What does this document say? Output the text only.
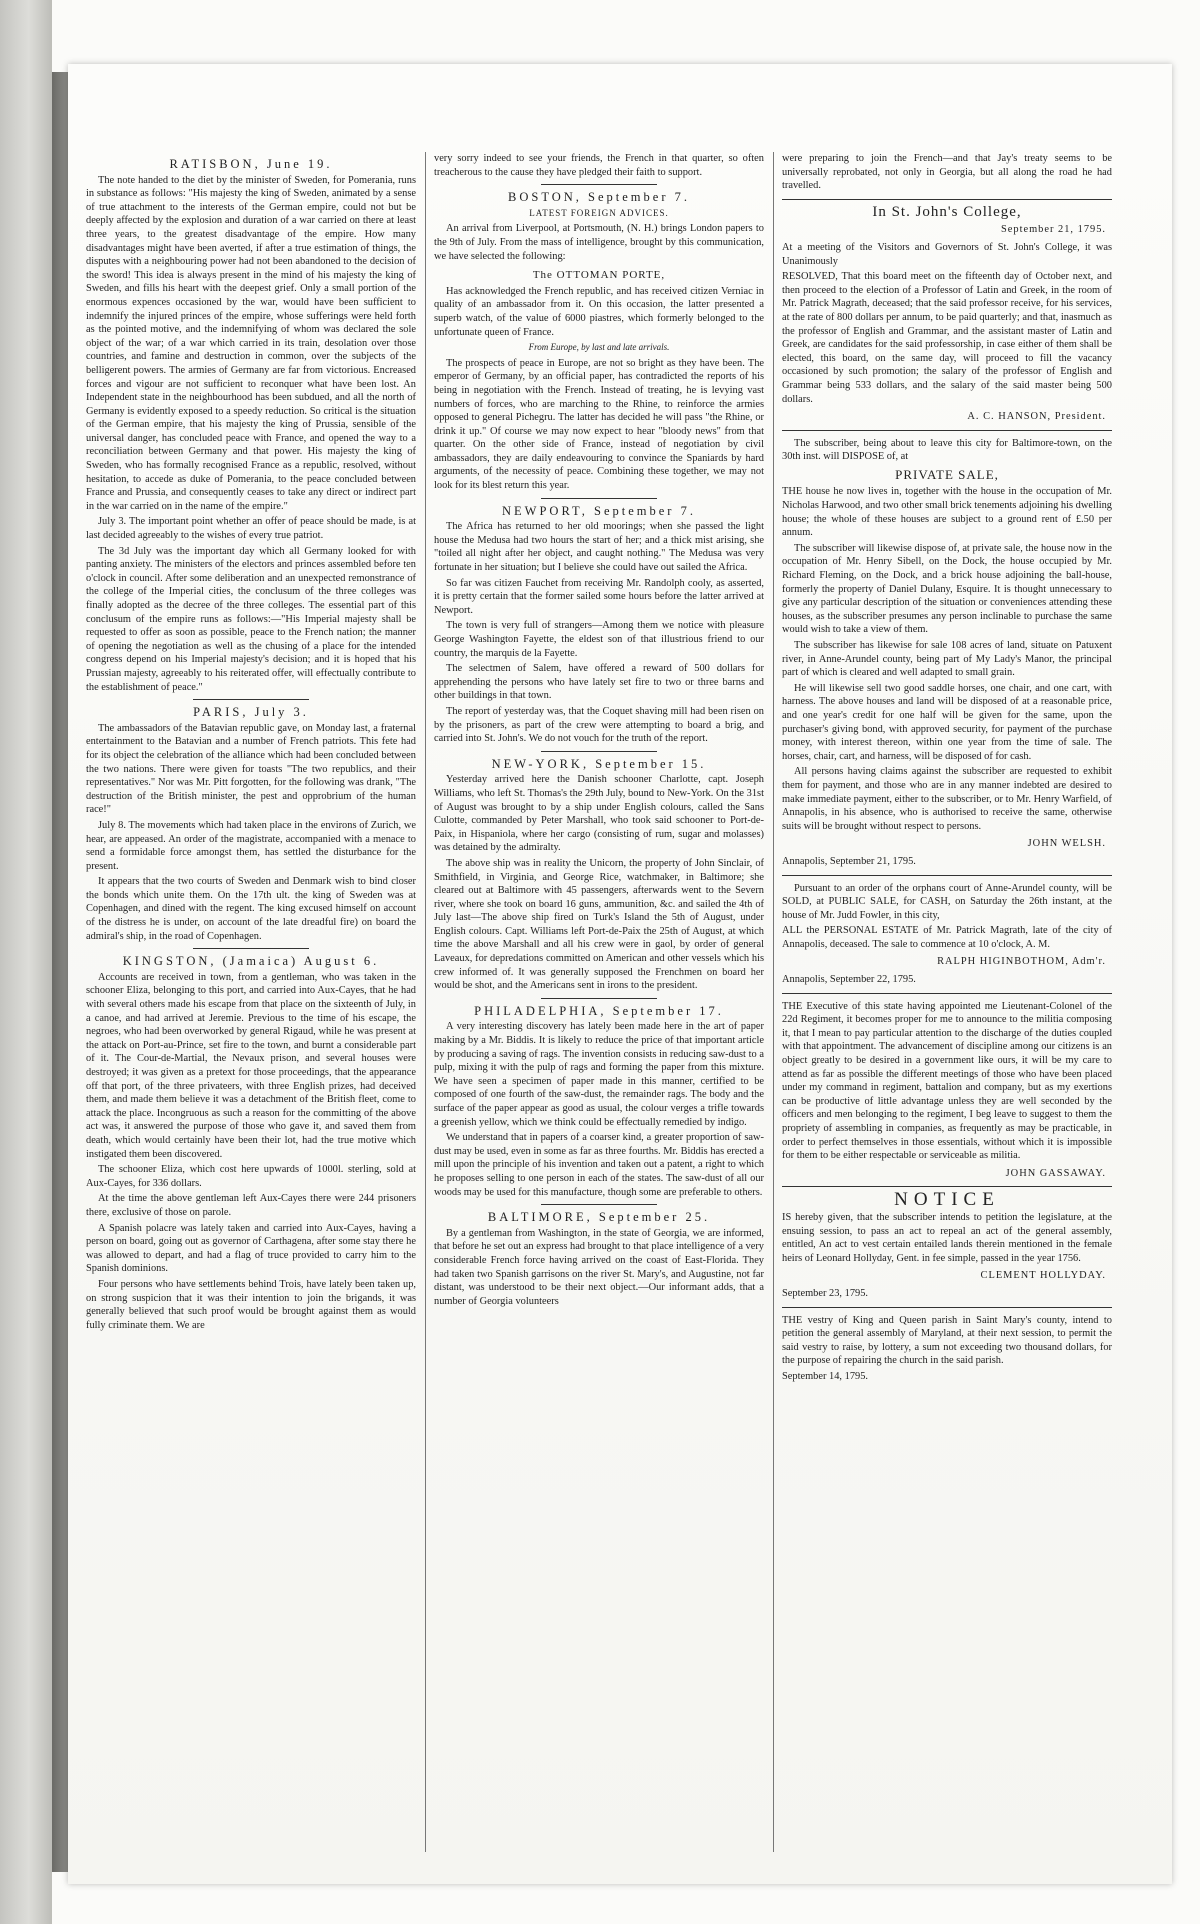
RATISBON, June 19.

The note handed to the diet by the minister of Sweden, for Pomerania, runs in substance as follows: "His majesty the king of Sweden, animated by a sense of true attachment to the interests of the German empire, could not but be deeply affected by the explosion and duration of a war carried on there at least three years, to the greatest disadvantage of the empire. How many disadvantages might have been averted, if after a true estimation of things, the disputes with a neighbouring power had not been abandoned to the decision of the sword! This idea is always present in the mind of his majesty the king of Sweden, and fills his heart with the deepest grief. Only a small portion of the enormous expences occasioned by the war, would have been sufficient to indemnify the injured princes of the empire, whose sufferings were held forth as the pointed motive, and the indemnifying of whom was declared the sole object of the war; of a war which carried in its train, desolation over those countries, and famine and destruction in common, over the subjects of the belligerent powers. The armies of Germany are far from victorious. Encreased forces and vigour are not sufficient to reconquer what have been lost. An Independent state in the neighbourhood has been subdued, and all the north of Germany is evidently exposed to a speedy reduction. So critical is the situation of the German empire, that his majesty the king of Prussia, sensible of the universal danger, has concluded peace with France, and opened the way to a reconciliation between Germany and that power. His majesty the king of Sweden, who has formally recognised France as a republic, resolved, without hesitation, to accede as duke of Pomerania, to the peace concluded between France and Prussia, and consequently ceases to take any direct or indirect part in the war carried on in the name of the empire."

July 3. The important point whether an offer of peace should be made, is at last decided agreeably to the wishes of every true patriot.

The 3d July was the important day which all Germany looked for with panting anxiety. The ministers of the electors and princes assembled before ten o'clock in council. After some deliberation and an unexpected remonstrance of the college of the Imperial cities, the conclusum of the three colleges was finally adopted as the decree of the three colleges. The essential part of this conclusum of the empire runs as follows:—"His Imperial majesty shall be requested to offer as soon as possible, peace to the French nation; the manner of opening the negotiation as well as the chusing of a place for the intended congress depend on his Imperial majesty's decision; and it is hoped that his Prussian majesty, agreeably to his reiterated offer, will effectually contribute to the establishment of peace."

PARIS, July 3.

The ambassadors of the Batavian republic gave, on Monday last, a fraternal entertainment to the Batavian and a number of French patriots. This fete had for its object the celebration of the alliance which had been concluded between the two nations. There were given for toasts "The two republics, and their representatives." Nor was Mr. Pitt forgotten, for the following was drank, "The destruction of the British minister, the pest and opprobrium of the human race!"

July 8. The movements which had taken place in the environs of Zurich, we hear, are appeased. An order of the magistrate, accompanied with a menace to send a formidable force amongst them, has settled the disturbance for the present.

It appears that the two courts of Sweden and Denmark wish to bind closer the bonds which unite them. On the 17th ult. the king of Sweden was at Copenhagen, and dined with the regent. The king excused himself on account of the distress he is under, on account of the late dreadful fire) on board the admiral's ship, in the road of Copenhagen.

KINGSTON, (Jamaica) August 6.

Accounts are received in town, from a gentleman, who was taken in the schooner Eliza, belonging to this port, and carried into Aux-Cayes, that he had with several others made his escape from that place on the sixteenth of July, in a canoe, and had arrived at Jeremie. Previous to the time of his escape, the negroes, who had been overworked by general Rigaud, while he was present at the attack on Port-au-Prince, set fire to the town, and burnt a considerable part of it. The Cour-de-Martial, the Nevaux prison, and several houses were destroyed; it was given as a pretext for those proceedings, that the appearance off that port, of the three privateers, with three English prizes, had deceived them, and made them believe it was a detachment of the British fleet, come to attack the place. Incongruous as such a reason for the committing of the above act was, it answered the purpose of those who gave it, and saved them from death, which would certainly have been their lot, had the true motive which instigated them been discovered.

The schooner Eliza, which cost here upwards of 1000l. sterling, sold at Aux-Cayes, for 336 dollars.

At the time the above gentleman left Aux-Cayes there were 244 prisoners there, exclusive of those on parole.

A Spanish polacre was lately taken and carried into Aux-Cayes, having a person on board, going out as governor of Carthagena, after some stay there he was allowed to depart, and had a flag of truce provided to carry him to the Spanish dominions.

Four persons who have settlements behind Trois, have lately been taken up, on strong suspicion that it was their intention to join the brigands, it was generally believed that such proof would be brought against them as would fully criminate them. We are

very sorry indeed to see your friends, the French in that quarter, so often treacherous to the cause they have pledged their faith to support.

BOSTON, September 7.
LATEST FOREIGN ADVICES.

An arrival from Liverpool, at Portsmouth, (N. H.) brings London papers to the 9th of July. From the mass of intelligence, brought by this communication, we have selected the following:

The OTTOMAN PORTE,

Has acknowledged the French republic, and has received citizen Verniac in quality of an ambassador from it. On this occasion, the latter presented a superb watch, of the value of 6000 piastres, which formerly belonged to the unfortunate queen of France.

From Europe, by last and late arrivals.

The prospects of peace in Europe, are not so bright as they have been. The emperor of Germany, by an official paper, has contradicted the reports of his being in negotiation with the French. Instead of treating, he is levying vast numbers of forces, who are marching to the Rhine, to reinforce the armies opposed to general Pichegru. The latter has decided he will pass "the Rhine, or drink it up." Of course we may now expect to hear "bloody news" from that quarter. On the other side of France, instead of negotiation by civil ambassadors, they are daily endeavouring to convince the Spaniards by hard arguments, of the necessity of peace. Combining these together, we may not look for its blest return this year.

NEWPORT, September 7.

The Africa has returned to her old moorings; when she passed the light house the Medusa had two hours the start of her; and a thick mist arising, she "toiled all night after her object, and caught nothing." The Medusa was very fortunate in her situation; but I believe she could have out sailed the Africa.

So far was citizen Fauchet from receiving Mr. Randolph cooly, as asserted, it is pretty certain that the former sailed some hours before the latter arrived at Newport.

The town is very full of strangers—Among them we notice with pleasure George Washington Fayette, the eldest son of that illustrious friend to our country, the marquis de la Fayette.

The selectmen of Salem, have offered a reward of 500 dollars for apprehending the persons who have lately set fire to two or three barns and other buildings in that town.

The report of yesterday was, that the Coquet shaving mill had been risen on by the prisoners, as part of the crew were attempting to board a brig, and carried into St. John's. We do not vouch for the truth of the report.

NEW-YORK, September 15.

Yesterday arrived here the Danish schooner Charlotte, capt. Joseph Williams, who left St. Thomas's the 29th July, bound to New-York. On the 31st of August was brought to by a ship under English colours, called the Sans Culotte, commanded by Peter Marshall, who took said schooner to Port-de-Paix, in Hispaniola, where her cargo (consisting of rum, sugar and molasses) was detained by the admiralty.

The above ship was in reality the Unicorn, the property of John Sinclair, of Smithfield, in Virginia, and George Rice, watchmaker, in Baltimore; she cleared out at Baltimore with 45 passengers, afterwards went to the Severn river, where she took on board 16 guns, ammunition, &c. and sailed the 4th of July last—The above ship fired on Turk's Island the 5th of August, under English colours. Capt. Williams left Port-de-Paix the 25th of August, at which time the above Marshall and all his crew were in gaol, by order of general Laveaux, for depredations committed on American and other vessels which his crew informed of. It was generally supposed the Frenchmen on board her would be shot, and the Americans sent in irons to the president.

PHILADELPHIA, September 17.

A very interesting discovery has lately been made here in the art of paper making by a Mr. Biddis. It is likely to reduce the price of that important article by producing a saving of rags. The invention consists in reducing saw-dust to a pulp, mixing it with the pulp of rags and forming the paper from this mixture. We have seen a specimen of paper made in this manner, certified to be composed of one fourth of the saw-dust, the remainder rags. The body and the surface of the paper appear as good as usual, the colour verges a trifle towards a greenish yellow, which we think could be effectually remedied by indigo.

We understand that in papers of a coarser kind, a greater proportion of saw-dust may be used, even in some as far as three fourths. Mr. Biddis has erected a mill upon the principle of his invention and taken out a patent, a right to which he proposes selling to one person in each of the states. The saw-dust of all our woods may be used for this manufacture, though some are preferable to others.

BALTIMORE, September 25.

By a gentleman from Washington, in the state of Georgia, we are informed, that before he set out an express had brought to that place intelligence of a very considerable French force having arrived on the coast of East-Florida. They had taken two Spanish garrisons on the river St. Mary's, and Augustine, not far distant, was understood to be their next object.—Our informant adds, that a number of Georgia volunteers

were preparing to join the French—and that Jay's treaty seems to be universally reprobated, not only in Georgia, but all along the road he had travelled.

In St. John's College,
September 21, 1795.

At a meeting of the Visitors and Governors of St. John's College, it was Unanimously

RESOLVED, That this board meet on the fifteenth day of October next, and then proceed to the election of a Professor of Latin and Greek, in the room of Mr. Patrick Magrath, deceased; that the said professor receive, for his services, at the rate of 800 dollars per annum, to be paid quarterly; and that, inasmuch as the professor of English and Grammar, and the assistant master of Latin and Greek, are candidates for the said professorship, in case either of them shall be elected, this board, on the same day, will proceed to fill the vacancy occasioned by such promotion; the salary of the professor of English and Grammar being 533 dollars, and the salary of the said master being 500 dollars.

A. C. HANSON, President.

The subscriber, being about to leave this city for Baltimore-town, on the 30th inst. will DISPOSE of, at

PRIVATE SALE,

THE house he now lives in, together with the house in the occupation of Mr. Nicholas Harwood, and two other small brick tenements adjoining his dwelling house; the whole of these houses are subject to a ground rent of £.50 per annum.

The subscriber will likewise dispose of, at private sale, the house now in the occupation of Mr. Henry Sibell, on the Dock, the house occupied by Mr. Richard Fleming, on the Dock, and a brick house adjoining the ball-house, formerly the property of Daniel Dulany, Esquire. It is thought unnecessary to give any particular description of the situation or conveniences attending these houses, as the subscriber presumes any person inclinable to purchase the same would wish to take a view of them.

The subscriber has likewise for sale 108 acres of land, situate on Patuxent river, in Anne-Arundel county, being part of My Lady's Manor, the principal part of which is cleared and well adapted to small grain.

He will likewise sell two good saddle horses, one chair, and one cart, with harness. The above houses and land will be disposed of at a reasonable price, and one year's credit for one half will be given for the same, upon the purchaser's giving bond, with approved security, for payment of the purchase money, with interest thereon, within one year from the time of sale. The horses, chair, cart, and harness, will be disposed of for cash.

All persons having claims against the subscriber are requested to exhibit them for payment, and those who are in any manner indebted are desired to make immediate payment, either to the subscriber, or to Mr. Henry Warfield, of Annapolis, in his absence, who is authorised to receive the same, otherwise suits will be brought without respect to persons.

JOHN WELSH.

Annapolis, September 21, 1795.

Pursuant to an order of the orphans court of Anne-Arundel county, will be SOLD, at PUBLIC SALE, for CASH, on Saturday the 26th instant, at the house of Mr. Judd Fowler, in this city,

ALL the PERSONAL ESTATE of Mr. Patrick Magrath, late of the city of Annapolis, deceased. The sale to commence at 10 o'clock, A. M.

RALPH HIGINBOTHOM, Adm'r.

Annapolis, September 22, 1795.

THE Executive of this state having appointed me Lieutenant-Colonel of the 22d Regiment, it becomes proper for me to announce to the militia composing it, that I mean to pay particular attention to the discharge of the duties coupled with that appointment. The advancement of discipline among our citizens is an object greatly to be desired in a government like ours, it will be my care to attend as far as possible the different meetings of those who have been placed under my command in regiment, battalion and company, but as my exertions can be productive of little advantage unless they are well seconded by the officers and men belonging to the regiment, I beg leave to suggest to them the propriety of assembling in companies, as frequently as may be practicable, in order to perfect themselves in those essentials, without which it is impossible for them to be either respectable or serviceable as militia.

JOHN GASSAWAY.
NOTICE

IS hereby given, that the subscriber intends to petition the legislature, at the ensuing session, to pass an act to repeal an act of the general assembly, entitled, An act to vest certain entailed lands therein mentioned in the female heirs of Leonard Hollyday, Gent. in fee simple, passed in the year 1756.

CLEMENT HOLLYDAY.

September 23, 1795.

THE vestry of King and Queen parish in Saint Mary's county, intend to petition the general assembly of Maryland, at their next session, to permit the said vestry to raise, by lottery, a sum not exceeding two thousand dollars, for the purpose of repairing the church in the said parish.

September 14, 1795.
